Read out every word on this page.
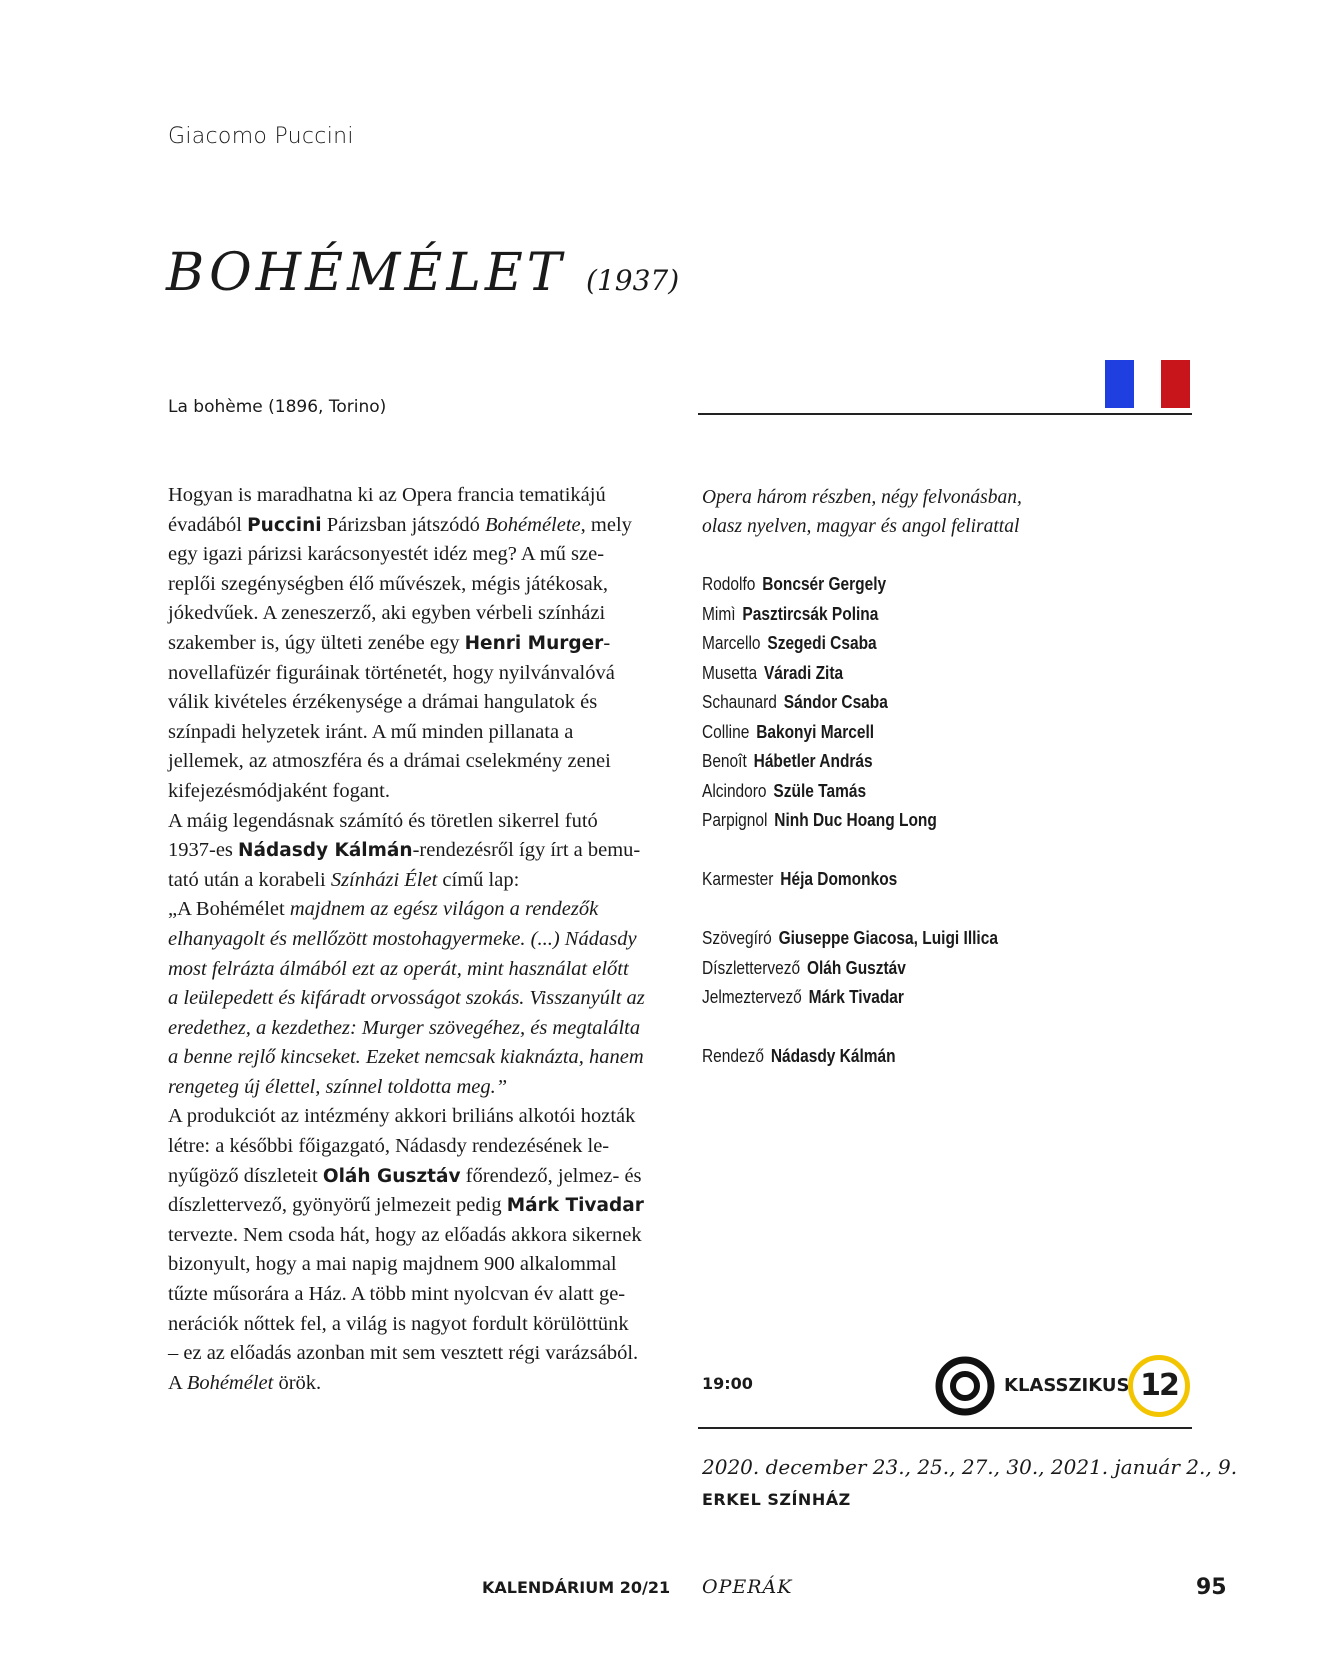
Giacomo Puccini
BOHÉMÉLET (1937)
La bohème (1896, Torino)

Hogyan is maradhatna ki az Opera francia tematikájú

évadából Puccini Párizsban játszódó Bohémélete, mely

egy igazi párizsi karácsonyestét idéz meg? A mű sze-

replői szegénységben élő művészek, mégis játékosak,

jókedvűek. A zeneszerző, aki egyben vérbeli színházi

szakember is, úgy ülteti zenébe egy Henri Murger-

novellafüzér figuráinak történetét, hogy nyilvánvalóvá

válik kivételes érzékenysége a drámai hangulatok és

színpadi helyzetek iránt. A mű minden pillanata a

jellemek, az atmoszféra és a drámai cselekmény zenei

kifejezésmódjaként fogant.

A máig legendásnak számító és töretlen sikerrel futó

1937-es Nádasdy Kálmán-rendezésről így írt a bemu-

tató után a korabeli Színházi Élet című lap:

„A Bohémélet majdnem az egész világon a rendezők

elhanyagolt és mellőzött mostohagyermeke. (...) Nádasdy

most felrázta álmából ezt az operát, mint használat előtt

a leülepedett és kifáradt orvosságot szokás. Visszanyúlt az

eredethez, a kezdethez: Murger szövegéhez, és megtalálta

a benne rejlő kincseket. Ezeket nemcsak kiaknázta, hanem

rengeteg új élettel, színnel toldotta meg.”

A produkciót az intézmény akkori briliáns alkotói hozták

létre: a későbbi főigazgató, Nádasdy rendezésének le-

nyűgöző díszleteit Oláh Gusztáv főrendező, jelmez- és

díszlettervező, gyönyörű jelmezeit pedig Márk Tivadar

tervezte. Nem csoda hát, hogy az előadás akkora sikernek

bizonyult, hogy a mai napig majdnem 900 alkalommal

tűzte műsorára a Ház. A több mint nyolcvan év alatt ge-

nerációk nőttek fel, a világ is nagyot fordult körülöttünk

– ez az előadás azonban mit sem vesztett régi varázsából.

A Bohémélet örök.

Opera három részben, négy felvonásban,
olasz nyelven, magyar és angol felirattal
Rodolfo Boncsér Gergely
Mimì Pasztircsák Polina
Marcello Szegedi Csaba
Musetta Váradi Zita
Schaunard Sándor Csaba
Colline Bakonyi Marcell
Benoît Hábetler András
Alcindoro Szüle Tamás
Parpignol Ninh Duc Hoang Long
Karmester Héja Domonkos
Szövegíró Giuseppe Giacosa, Luigi Illica
Díszlettervező Oláh Gusztáv
Jelmeztervező Márk Tivadar
Rendező Nádasdy Kálmán
19:00	KLASSZIKUS 12
2020. december 23., 25., 27., 30., 2021. január 2., 9.
ERKEL SZÍNHÁZ
KALENDÁRIUM 20/21 OPERÁK	95
